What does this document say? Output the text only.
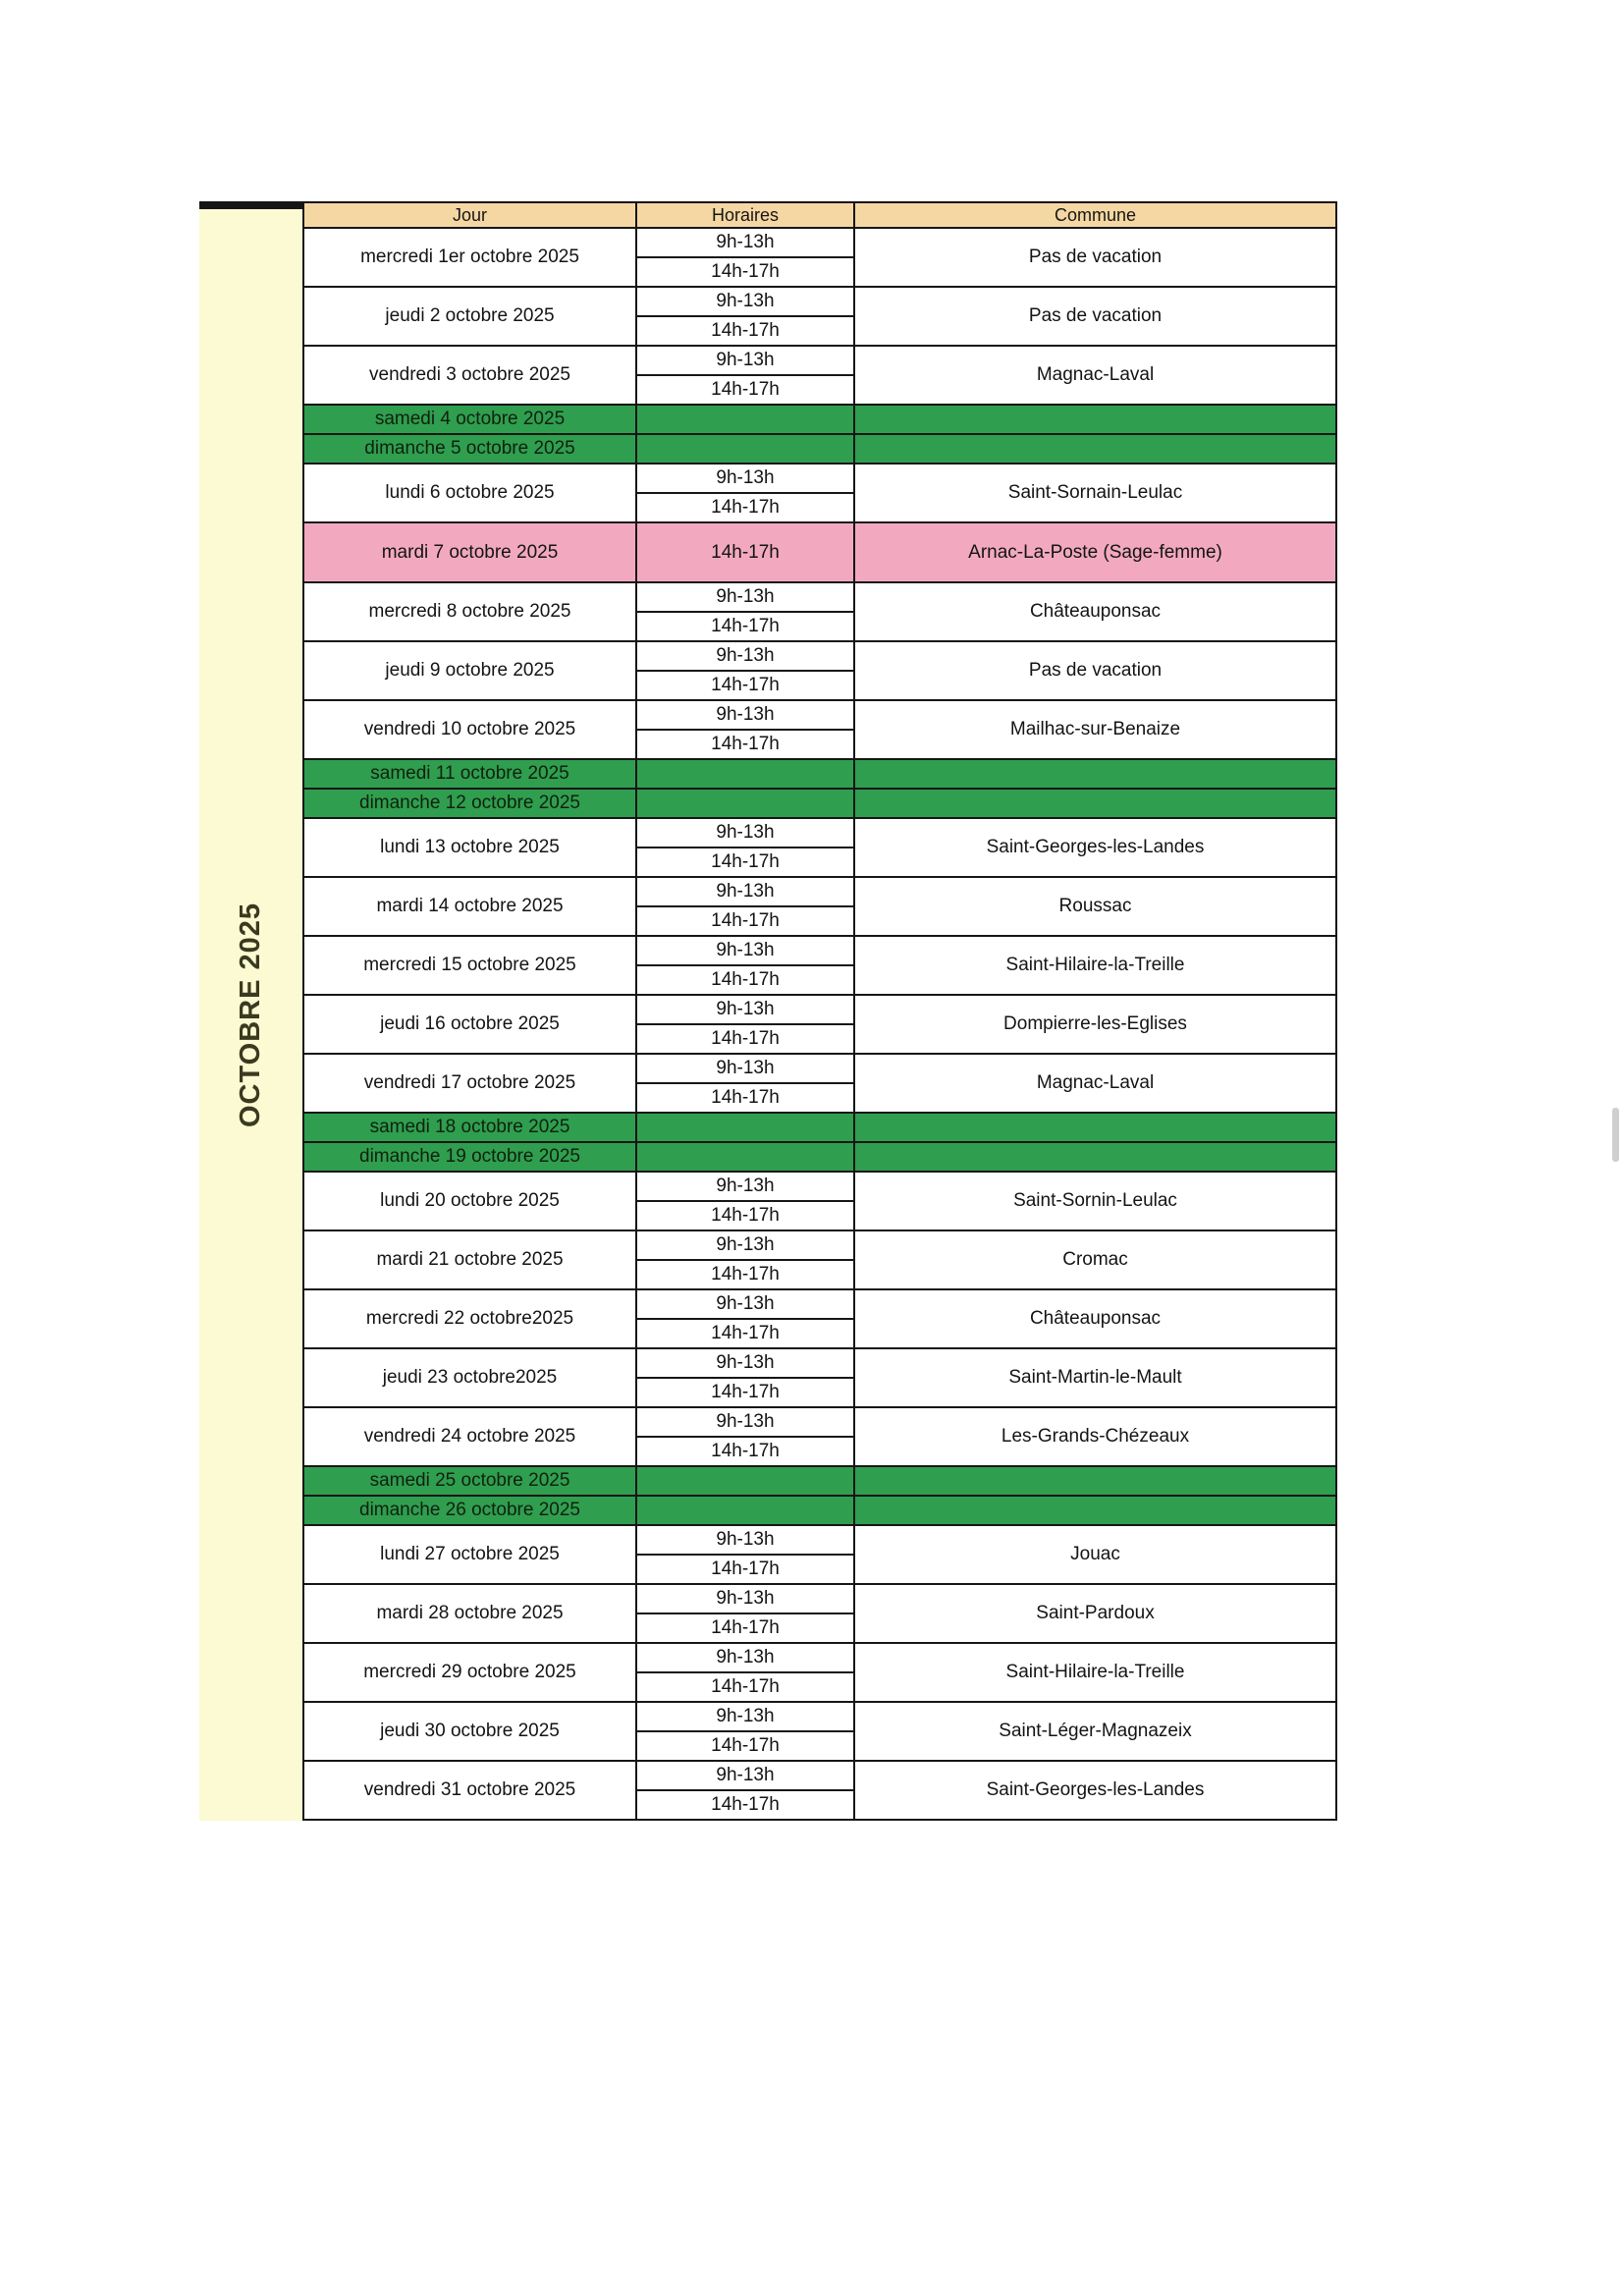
OCTOBRE 2025
Jour	Horaires	Commune
mercredi 1er octobre 2025	9h-13h	Pas de vacation
	14h-17h	
jeudi 2 octobre 2025	9h-13h	Pas de vacation
	14h-17h	
vendredi 3 octobre 2025	9h-13h	Magnac-Laval
	14h-17h	
samedi 4 octobre 2025		
dimanche 5 octobre 2025		
lundi 6 octobre 2025	9h-13h	Saint-Sornain-Leulac
	14h-17h	
mardi 7 octobre 2025	14h-17h	Arnac-La-Poste (Sage-femme)
mercredi 8 octobre 2025	9h-13h	Châteauponsac
	14h-17h	
jeudi 9 octobre 2025	9h-13h	Pas de vacation
	14h-17h	
vendredi 10 octobre 2025	9h-13h	Mailhac-sur-Benaize
	14h-17h	
samedi 11 octobre 2025		
dimanche 12 octobre 2025		
lundi 13 octobre 2025	9h-13h	Saint-Georges-les-Landes
	14h-17h	
mardi 14 octobre 2025	9h-13h	Roussac
	14h-17h	
mercredi 15 octobre 2025	9h-13h	Saint-Hilaire-la-Treille
	14h-17h	
jeudi 16 octobre 2025	9h-13h	Dompierre-les-Eglises
	14h-17h	
vendredi 17 octobre 2025	9h-13h	Magnac-Laval
	14h-17h	
samedi 18 octobre 2025		
dimanche 19 octobre 2025		
lundi 20 octobre 2025	9h-13h	Saint-Sornin-Leulac
	14h-17h	
mardi 21 octobre 2025	9h-13h	Cromac
	14h-17h	
mercredi 22 octobre2025	9h-13h	Châteauponsac
	14h-17h	
jeudi 23 octobre2025	9h-13h	Saint-Martin-le-Mault
	14h-17h	
vendredi 24 octobre 2025	9h-13h	Les-Grands-Chézeaux
	14h-17h	
samedi 25 octobre 2025		
dimanche 26 octobre 2025		
lundi 27 octobre 2025	9h-13h	Jouac
	14h-17h	
mardi 28 octobre 2025	9h-13h	Saint-Pardoux
	14h-17h	
mercredi 29 octobre 2025	9h-13h	Saint-Hilaire-la-Treille
	14h-17h	
jeudi 30 octobre 2025	9h-13h	Saint-Léger-Magnazeix
	14h-17h	
vendredi 31 octobre 2025	9h-13h	Saint-Georges-les-Landes
	14h-17h	
